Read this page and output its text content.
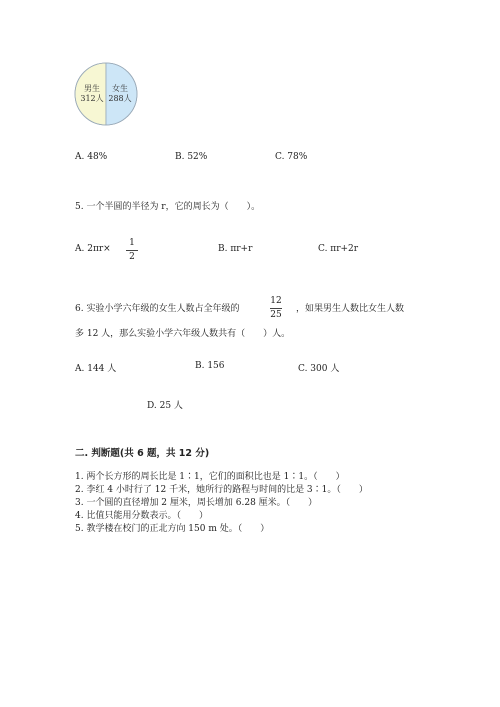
男生
312人
女生
288人
A. 48%	B. 52%	C. 78%
5. 一个半圆的半径为 r，它的周长为（　　）。
A. 2πr×
1
2
B. πr+r	C. πr+2r
6. 实验小学六年级的女生人数占全年级的
12
25
，如果男生人数比女生人数
多 12 人，那么实验小学六年级人数共有（　　）人。
A. 144 人	B. 156	C. 300 人
D. 25 人
二. 判断题(共 6 题，共 12 分)
1. 两个长方形的周长比是 1∶1，它们的面积比也是 1∶1。（　　）
2. 李红 4 小时行了 12 千米，她所行的路程与时间的比是 3∶1。（　　）
3. 一个圆的直径增加 2 厘米，周长增加 6.28 厘米。（　　）
4. 比值只能用分数表示。（　　）
5. 教学楼在校门的正北方向 150 m 处。（　　）
